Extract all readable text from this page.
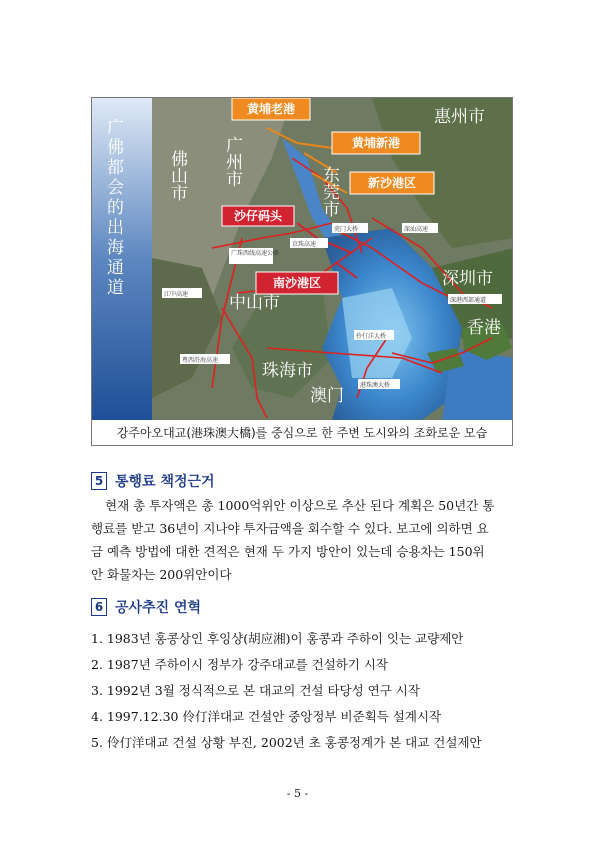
广佛都会的出海通道
黄埔老港
黄埔新港
新沙港区
沙仔码头
南沙港区
惠州市
广州市
佛山市	东莞市
深圳市
香港
中山市
珠海市
澳门
虎门大桥	深汕高速
京珠高速
广珠西线高速公路
江中高速
深港西部通道
伶仃洋大桥
粤西沿海高速
港珠澳大桥
강주아오대교(港珠澳大橋)를 중심으로 한 주변 도시와의 조화로운 모습
5 통행료 책정근거
현재 총 투자액은 총 1000억위안 이상으로 추산 된다 계획은 50년간 통
행료를 받고 36년이 지나야 투자금액을 회수할 수 있다. 보고에 의하면 요
금 예측 방법에 대한 견적은 현재 두 가지 방안이 있는데 승용차는 150위
안 화물차는 200위안이다
6 공사추진 연혁
1. 1983년 홍콩상인 후잉샹(胡应湘)이 홍콩과 주하이 잇는 교량제안
2. 1987년 주하이시 정부가 강주대교를 건설하기 시작
3. 1992년 3월 정식적으로 본 대교의 건설 타당성 연구 시작
4. 1997.12.30 伶仃洋대교 건설안 중앙정부 비준획득 설계시작
5. 伶仃洋대교 건설 상황 부진, 2002년 초 홍콩정계가 본 대교 건설제안
- 5 -
